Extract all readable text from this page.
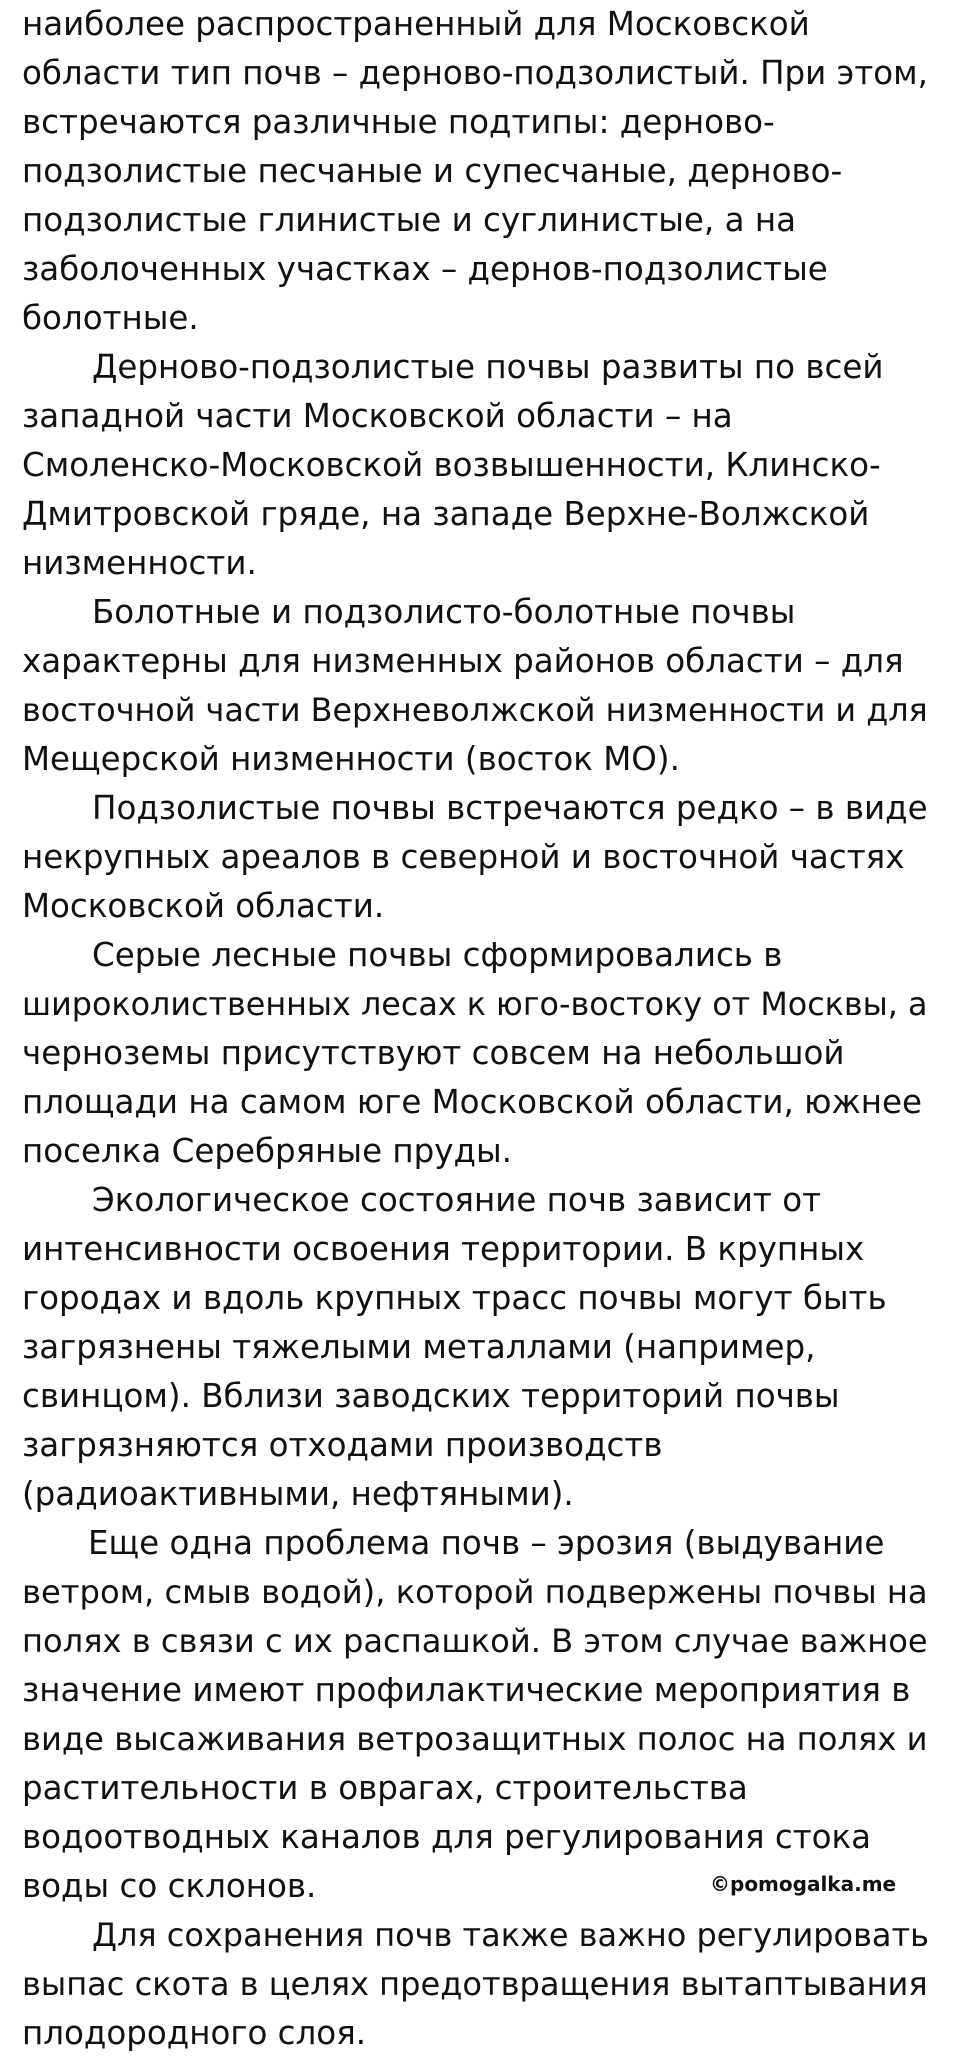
наиболее распространенный для Московской
области тип почв – дерново-подзолистый. При этом,
встречаются различные подтипы: дерново-
подзолистые песчаные и супесчаные, дерново-
подзолистые глинистые и суглинистые, а на
заболоченных участках – дернов-подзолистые
болотные.
Дерново-подзолистые почвы развиты по всей
западной части Московской области – на
Смоленско-Московской возвышенности, Клинско-
Дмитровской гряде, на западе Верхне-Волжской
низменности.
Болотные и подзолисто-болотные почвы
характерны для низменных районов области – для
восточной части Верхневолжской низменности и для
Мещерской низменности (восток МО).
Подзолистые почвы встречаются редко – в виде
некрупных ареалов в северной и восточной частях
Московской области.
Серые лесные почвы сформировались в
широколиственных лесах к юго-востоку от Москвы, а
черноземы присутствуют совсем на небольшой
площади на самом юге Московской области, южнее
поселка Серебряные пруды.
Экологическое состояние почв зависит от
интенсивности освоения территории. В крупных
городах и вдоль крупных трасс почвы могут быть
загрязнены тяжелыми металлами (например,
свинцом). Вблизи заводских территорий почвы
загрязняются отходами производств
(радиоактивными, нефтяными).
Еще одна проблема почв – эрозия (выдувание
ветром, смыв водой), которой подвержены почвы на
полях в связи с их распашкой. В этом случае важное
значение имеют профилактические мероприятия в
виде высаживания ветрозащитных полос на полях и
растительности в оврагах, строительства
водоотводных каналов для регулирования стока
воды со склонов.
Для сохранения почв также важно регулировать
выпас скота в целях предотвращения вытаптывания
плодородного слоя.
©pomogalka.me
